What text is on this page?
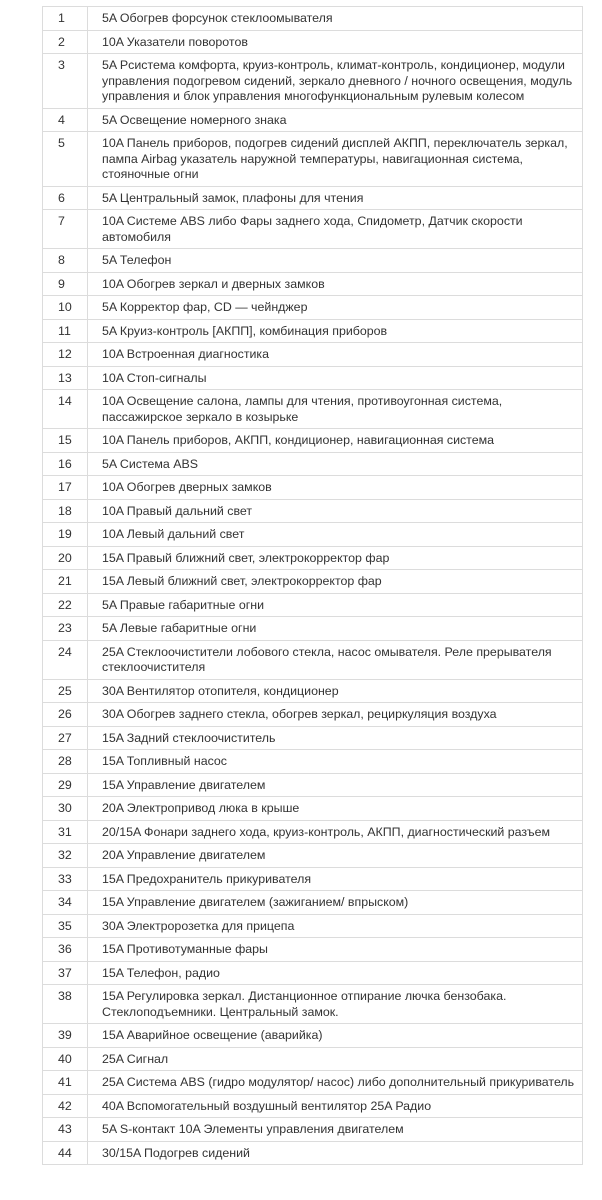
1	5A Обогрев форсунок стеклоомывателя
2	10A Указатели поворотов
3	5A Рсистема комфорта, круиз-контроль, климат-контроль, кондиционер, модули управления подогревом сидений, зеркало дневного / ночного освещения, модуль управления и блок управления многофункциональным рулевым колесом
4	5A Освещение номерного знака
5	10A Панель приборов, подогрев сидений дисплей АКПП, переключатель зеркал, пампа Airbag указатель наружной температуры, навигационная система, стояночные огни
6	5A Центральный замок, плафоны для чтения
7	10A Системе ABS либо Фары заднего хода, Спидометр, Датчик скорости автомобиля
8	5A Телефон
9	10A Обогрев зеркал и дверных замков
10	5A Корректор фар, CD — чейнджер
11	5A Круиз-контроль [АКПП], комбинация приборов
12	10A Встроенная диагностика
13	10A Стоп-сигналы
14	10A Освещение салона, лампы для чтения, противоугонная система, пассажирское зеркало в козырьке
15	10A Панель приборов, АКПП, кондиционер, навигационная система
16	5A Система ABS
17	10A Обогрев дверных замков
18	10A Правый дальний свет
19	10A Левый дальний свет
20	15A Правый ближний свет, электрокорректор фар
21	15A Левый ближний свет, электрокорректор фар
22	5A Правые габаритные огни
23	5A Левые габаритные огни
24	25A Стеклоочистители лобового стекла, насос омывателя. Реле прерывателя стеклоочистителя
25	30A Вентилятор отопителя, кондиционер
26	30A Обогрев заднего стекла, обогрев зеркал, рециркуляция воздуха
27	15A Задний стеклоочиститель
28	15A Топливный насос
29	15A Управление двигателем
30	20A Электропривод люка в крыше
31	20/15A Фонари заднего хода, круиз-контроль, АКПП, диагностический разъем
32	20A Управление двигателем
33	15A Предохранитель прикуривателя
34	15A Управление двигателем (зажиганием/ впрыском)
35	30A Электророзетка для прицепа
36	15A Противотуманные фары
37	15A Телефон, радио
38	15A Регулировка зеркал. Дистанционное отпирание лючка бензобака. Стеклоподъемники. Центральный замок.
39	15A Аварийное освещение (аварийка)
40	25A Сигнал
41	25A Система ABS (гидро модулятор/ насос) либо дополнительный прикуриватель
42	40A Вспомогательный воздушный вентилятор 25A Радио
43	5A S-контакт 10A Элементы управления двигателем
44	30/15A Подогрев сидений
